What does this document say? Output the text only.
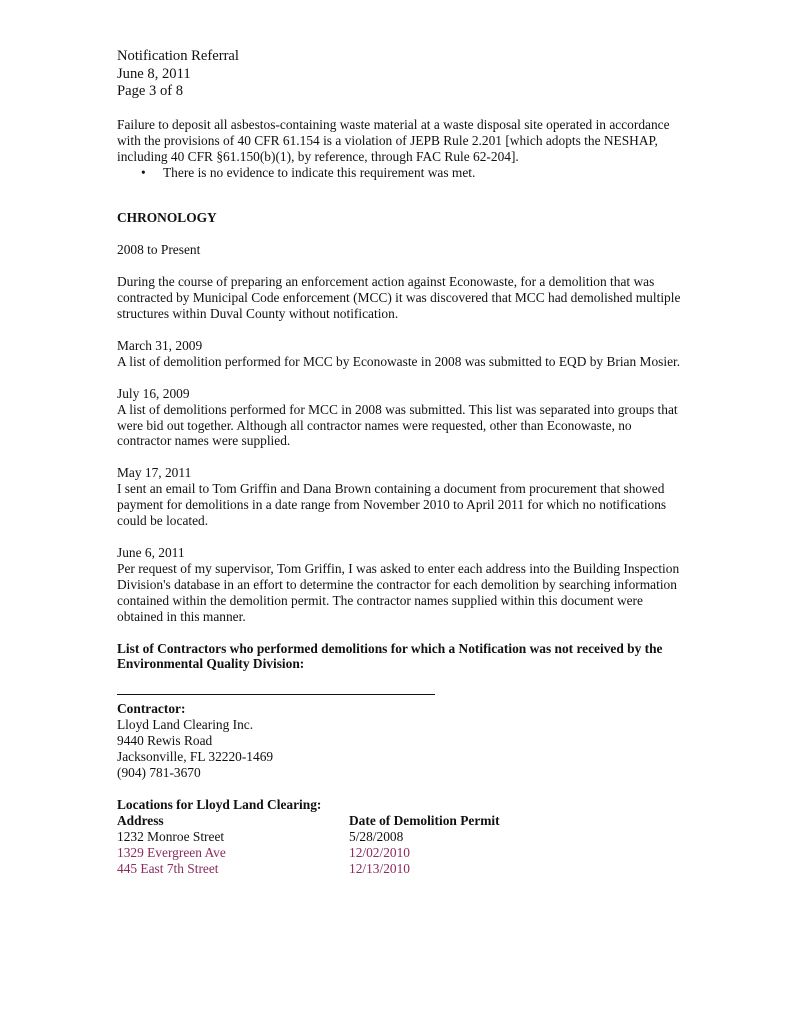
Notification Referral
June 8, 2011
Page 3 of 8

Failure to deposit all asbestos-containing waste material at a waste disposal site operated in accordance with the provisions of 40 CFR 61.154 is a violation of JEPB Rule 2.201 [which adopts the NESHAP, including 40 CFR §61.150(b)(1), by reference, through FAC Rule 62-204].

• There is no evidence to indicate this requirement was met.

CHRONOLOGY

2008 to Present

During the course of preparing an enforcement action against Econowaste, for a demolition that was contracted by Municipal Code enforcement (MCC) it was discovered that MCC had demolished multiple structures within Duval County without notification.

March 31, 2009

A list of demolition performed for MCC by Econowaste in 2008 was submitted to EQD by Brian Mosier.

July 16, 2009

A list of demolitions performed for MCC in 2008 was submitted. This list was separated into groups that were bid out together. Although all contractor names were requested, other than Econowaste, no contractor names were supplied.

May 17, 2011

I sent an email to Tom Griffin and Dana Brown containing a document from procurement that showed payment for demolitions in a date range from November 2010 to April 2011 for which no notifications could be located.

June 6, 2011

Per request of my supervisor, Tom Griffin, I was asked to enter each address into the Building Inspection Division's database in an effort to determine the contractor for each demolition by searching information contained within the demolition permit. The contractor names supplied within this document were obtained in this manner.

List of Contractors who performed demolitions for which a Notification was not received by the Environmental Quality Division:

Contractor:

Lloyd Land Clearing Inc.

9440 Rewis Road

Jacksonville, FL 32220-1469

(904) 781-3670

Locations for Lloyd Land Clearing:

Address	Date of Demolition Permit
1232 Monroe Street	5/28/2008
1329 Evergreen Ave	12/02/2010
445 East 7th Street	12/13/2010
